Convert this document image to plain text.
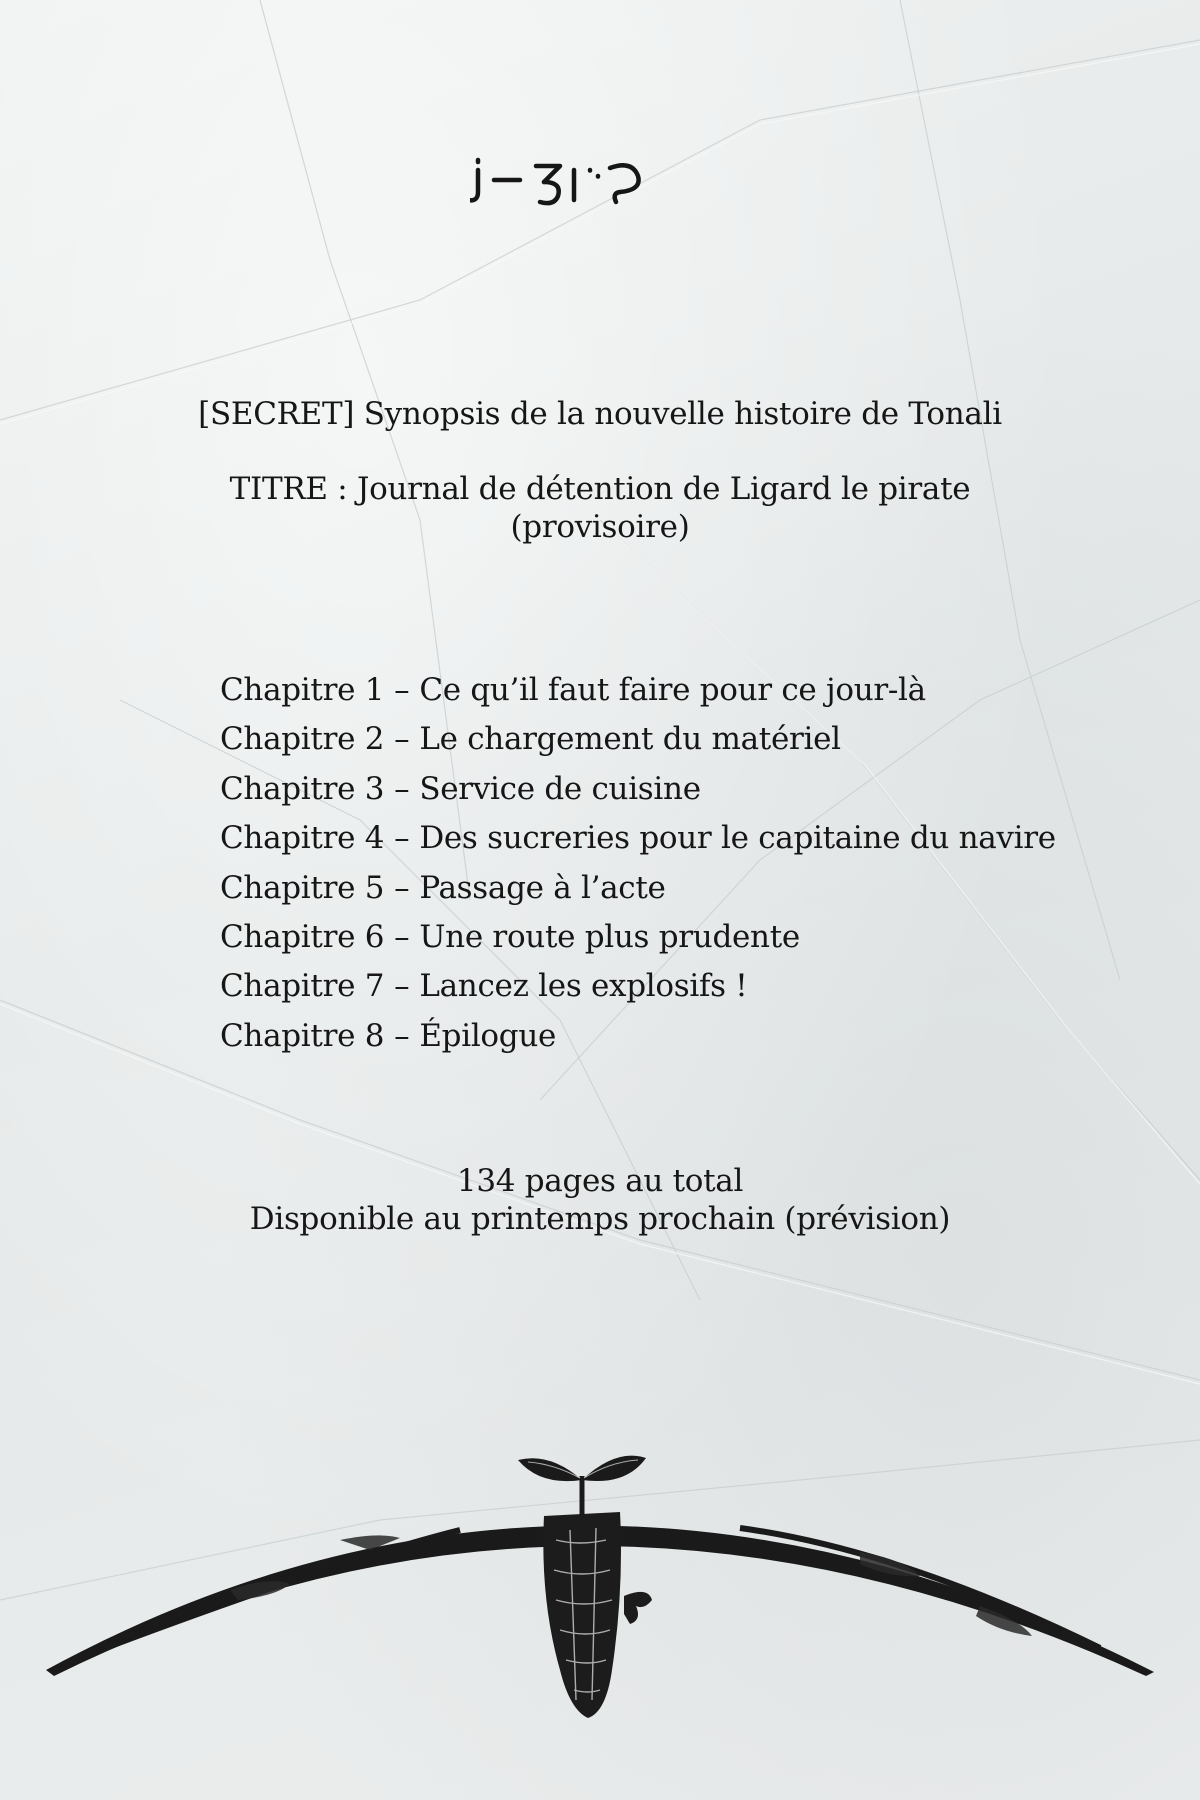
[SECRET] Synopsis de la nouvelle histoire de Tonali
TITRE : Journal de détention de Ligard le pirate
(provisoire)
Chapitre 1 – Ce qu’il faut faire pour ce jour-là
Chapitre 2 – Le chargement du matériel
Chapitre 3 – Service de cuisine
Chapitre 4 – Des sucreries pour le capitaine du navire
Chapitre 5 – Passage à l’acte
Chapitre 6 – Une route plus prudente
Chapitre 7 – Lancez les explosifs !
Chapitre 8 – Épilogue
134 pages au total
Disponible au printemps prochain (prévision)
